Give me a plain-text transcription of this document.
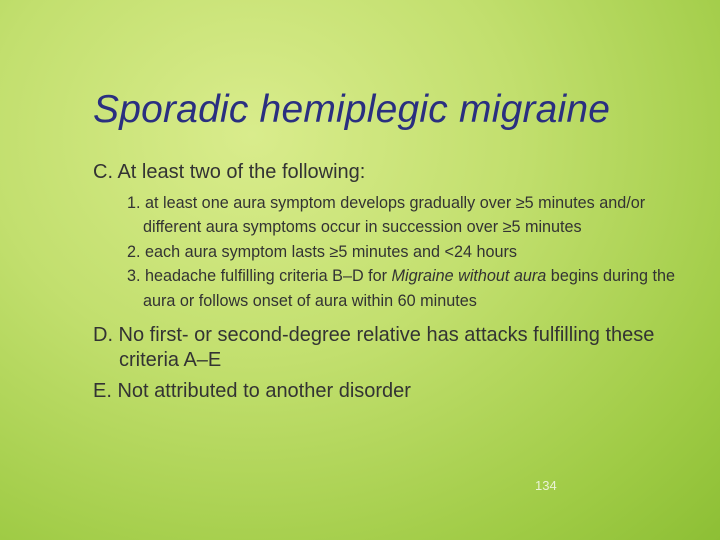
Sporadic hemiplegic migraine

C. At least two of the following:

1. at least one aura symptom develops gradually over ≥5 minutes and/or different aura symptoms occur in succession over ≥5 minutes

2. each aura symptom lasts ≥5 minutes and <24 hours

3. headache fulfilling criteria B–D for Migraine without aura begins during the aura or follows onset of aura within 60 minutes

D. No first- or second-degree relative has attacks fulfilling these criteria A–E

E. Not attributed to another disorder

134
